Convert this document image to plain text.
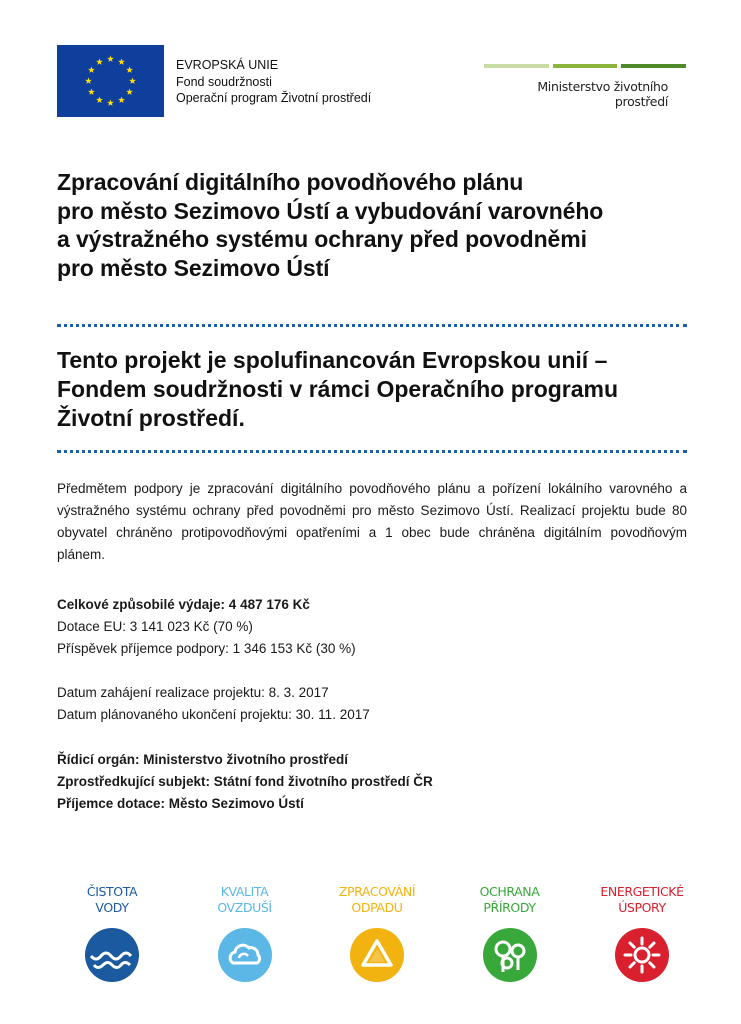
EVROPSKÁ UNIE
Fond soudržnosti
Operační program Životní prostředí
Ministerstvo životního prostředí
Zpracování digitálního povodňového plánu
pro město Sezimovo Ústí a vybudování varovného
a výstražného systému ochrany před povodněmi
pro město Sezimovo Ústí
Tento projekt je spolufinancován Evropskou unií –
Fondem soudržnosti v rámci Operačního programu
Životní prostředí.
Předmětem podpory je zpracování digitálního povodňového plánu a pořízení lokálního varovného a výstražného systému ochrany před povodněmi pro město Sezimovo Ústí. Realizací projektu bude 80 obyvatel chráněno protipovodňovými opatřeními a 1 obec bude chráněna digitálním povodňovým plánem.
Celkové způsobilé výdaje: 4 487 176 Kč
Dotace EU: 3 141 023 Kč (70 %)
Příspěvek příjemce podpory: 1 346 153 Kč (30 %)
Datum zahájení realizace projektu: 8. 3. 2017
Datum plánovaného ukončení projektu: 30. 11. 2017
Řídicí orgán: Ministerstvo životního prostředí
Zprostředkující subjekt: Státní fond životního prostředí ČR
Příjemce dotace: Město Sezimovo Ústí
ČISTOTA
VODY
KVALITA
OVZDUŠÍ
ZPRACOVÁNÍ
ODPADU
OCHRANA
PŘÍRODY
ENERGETICKÉ
ÚSPORY
